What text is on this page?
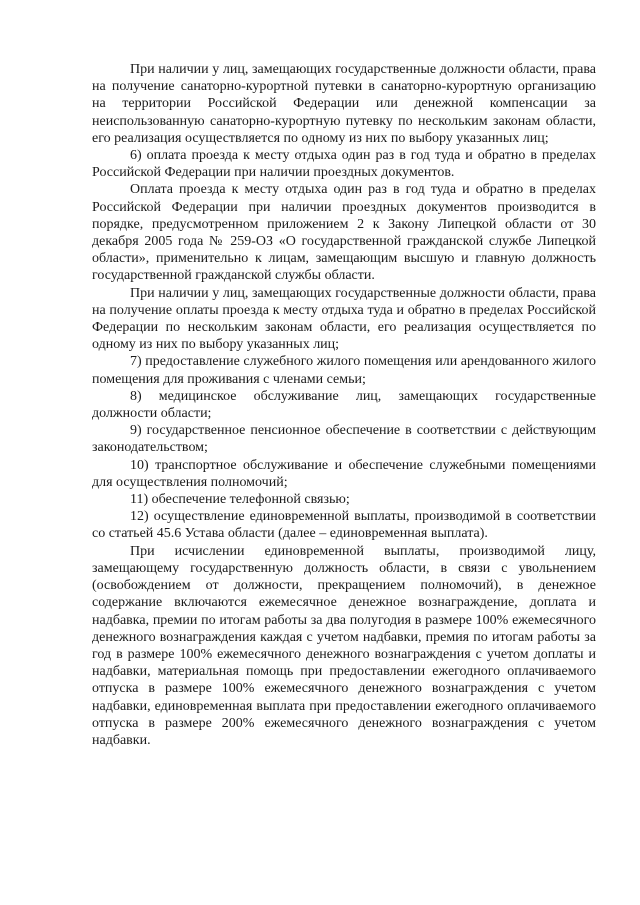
При наличии у лиц, замещающих государственные должности области, права на получение санаторно-курортной путевки в санаторно-курортную организацию на территории Российской Федерации или денежной компенсации за неиспользованную санаторно-курортную путевку по нескольким законам области, его реализация осуществляется по одному из них по выбору указанных лиц;

6) оплата проезда к месту отдыха один раз в год туда и обратно в пределах Российской Федерации при наличии проездных документов.

Оплата проезда к месту отдыха один раз в год туда и обратно в пределах Российской Федерации при наличии проездных документов производится в порядке, предусмотренном приложением 2 к Закону Липецкой области от 30 декабря 2005 года № 259-ОЗ «О государственной гражданской службе Липецкой области», применительно к лицам, замещающим высшую и главную должность государственной гражданской службы области.

При наличии у лиц, замещающих государственные должности области, права на получение оплаты проезда к месту отдыха туда и обратно в пределах Российской Федерации по нескольким законам области, его реализация осуществляется по одному из них по выбору указанных лиц;

7) предоставление служебного жилого помещения или арендованного жилого помещения для проживания с членами семьи;

8) медицинское обслуживание лиц, замещающих государственные должности области;

9) государственное пенсионное обеспечение в соответствии с действующим законодательством;

10) транспортное обслуживание и обеспечение служебными помещениями для осуществления полномочий;

11) обеспечение телефонной связью;

12) осуществление единовременной выплаты, производимой в соответствии со статьей 45.6 Устава области (далее – единовременная выплата).

При исчислении единовременной выплаты, производимой лицу, замещающему государственную должность области, в связи с увольнением (освобождением от должности, прекращением полномочий), в денежное содержание включаются ежемесячное денежное вознаграждение, доплата и надбавка, премии по итогам работы за два полугодия в размере 100% ежемесячного денежного вознаграждения каждая с учетом надбавки, премия по итогам работы за год в размере 100% ежемесячного денежного вознаграждения с учетом доплаты и надбавки, материальная помощь при предоставлении ежегодного оплачиваемого отпуска в размере 100% ежемесячного денежного вознаграждения с учетом надбавки, единовременная выплата при предоставлении ежегодного оплачиваемого отпуска в размере 200% ежемесячного денежного вознаграждения с учетом надбавки.
